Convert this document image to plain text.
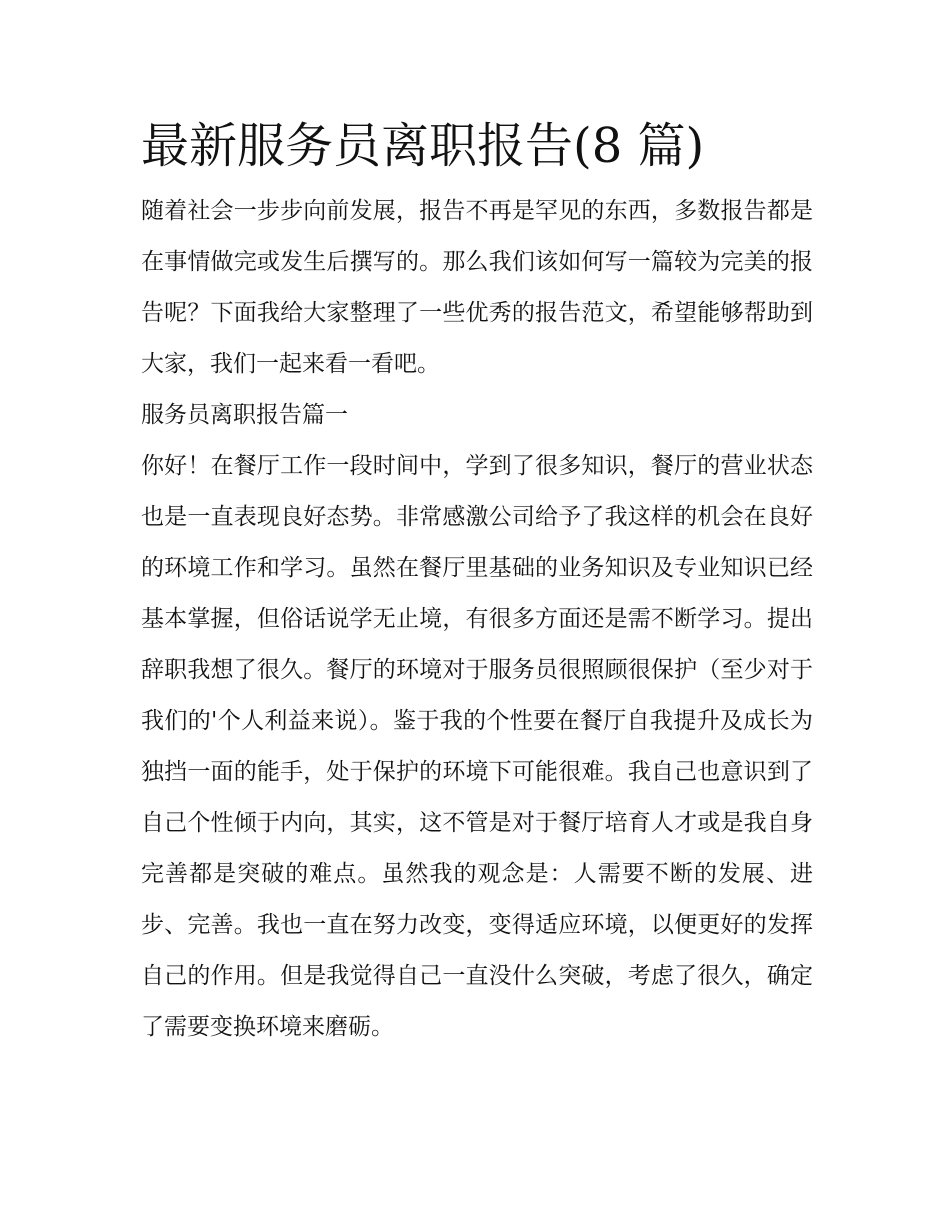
最新服务员离职报告(8 篇)

随着社会一步步向前发展，报告不再是罕见的东西，多数报告都是在事情做完或发生后撰写的。那么我们该如何写一篇较为完美的报告呢？下面我给大家整理了一些优秀的报告范文，希望能够帮助到大家，我们一起来看一看吧。

服务员离职报告篇一

你好！在餐厅工作一段时间中，学到了很多知识，餐厅的营业状态也是一直表现良好态势。非常感激公司给予了我这样的机会在良好的环境工作和学习。虽然在餐厅里基础的业务知识及专业知识已经基本掌握，但俗话说学无止境，有很多方面还是需不断学习。提出辞职我想了很久。餐厅的环境对于服务员很照顾很保护（至少对于我们的'个人利益来说）。鉴于我的个性要在餐厅自我提升及成长为独挡一面的能手，处于保护的环境下可能很难。我自己也意识到了自己个性倾于内向，其实，这不管是对于餐厅培育人才或是我自身完善都是突破的难点。虽然我的观念是：人需要不断的发展、进步、完善。我也一直在努力改变，变得适应环境，以便更好的发挥自己的作用。但是我觉得自己一直没什么突破，考虑了很久，确定了需要变换环境来磨砺。
